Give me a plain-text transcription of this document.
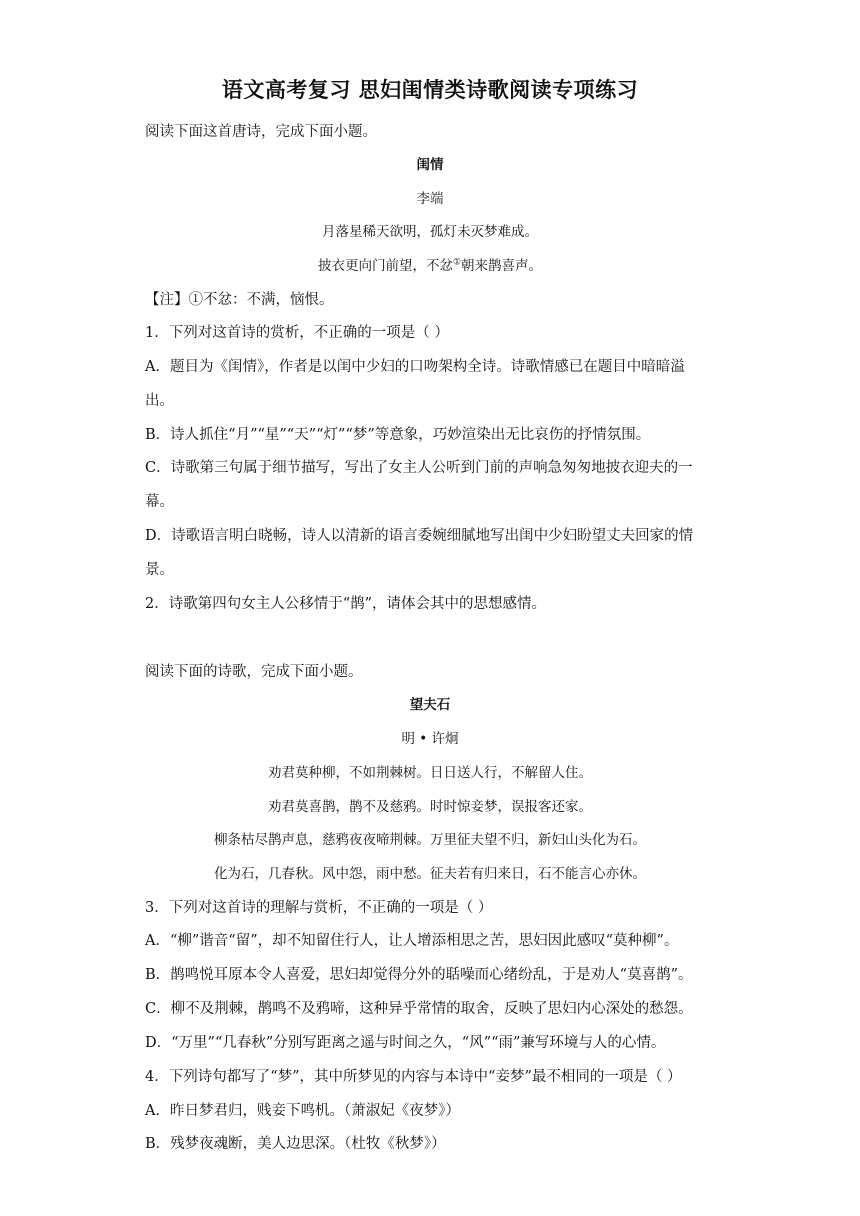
语文高考复习 思妇闺情类诗歌阅读专项练习
阅读下面这首唐诗，完成下面小题。
闺情
李端
月落星稀天欲明，孤灯未灭梦难成。
披衣更向门前望，不忿①朝来鹊喜声。
【注】①不忿：不满，恼恨。
1．下列对这首诗的赏析，不正确的一项是（ ）
A．题目为《闺情》，作者是以闺中少妇的口吻架构全诗。诗歌情感已在题目中暗暗溢
出。
B．诗人抓住“月”“星”“天”“灯”“梦”等意象，巧妙渲染出无比哀伤的抒情氛围。
C．诗歌第三句属于细节描写，写出了女主人公听到门前的声响急匆匆地披衣迎夫的一
幕。
D．诗歌语言明白晓畅，诗人以清新的语言委婉细腻地写出闺中少妇盼望丈夫回家的情
景。
2．诗歌第四句女主人公移情于“鹊”，请体会其中的思想感情。
阅读下面的诗歌，完成下面小题。
望夫石
明 • 许炯
劝君莫种柳，不如荆棘树。日日送人行，不解留人住。
劝君莫喜鹊，鹊不及慈鸦。时时惊妾梦，误报客还家。
柳条枯尽鹊声息，慈鸦夜夜啼荆棘。万里征夫望不归，新妇山头化为石。
化为石，几春秋。风中怨，雨中愁。征夫若有归来日，石不能言心亦休。
3．下列对这首诗的理解与赏析，不正确的一项是（ ）
A．“柳”谐音“留”，却不知留住行人，让人增添相思之苦，思妇因此感叹“莫种柳”。
B．鹊鸣悦耳原本令人喜爱，思妇却觉得分外的聒噪而心绪纷乱，于是劝人“莫喜鹊”。
C．柳不及荆棘，鹊鸣不及鸦啼，这种异乎常情的取舍，反映了思妇内心深处的愁怨。
D．“万里”“几春秋”分别写距离之遥与时间之久，“风”“雨”兼写环境与人的心情。
4．下列诗句都写了“梦”，其中所梦见的内容与本诗中“妾梦”最不相同的一项是（ ）
A．昨日梦君归，贱妾下鸣机。（萧淑妃《夜梦》）
B．残梦夜魂断，美人边思深。（杜牧《秋梦》）
